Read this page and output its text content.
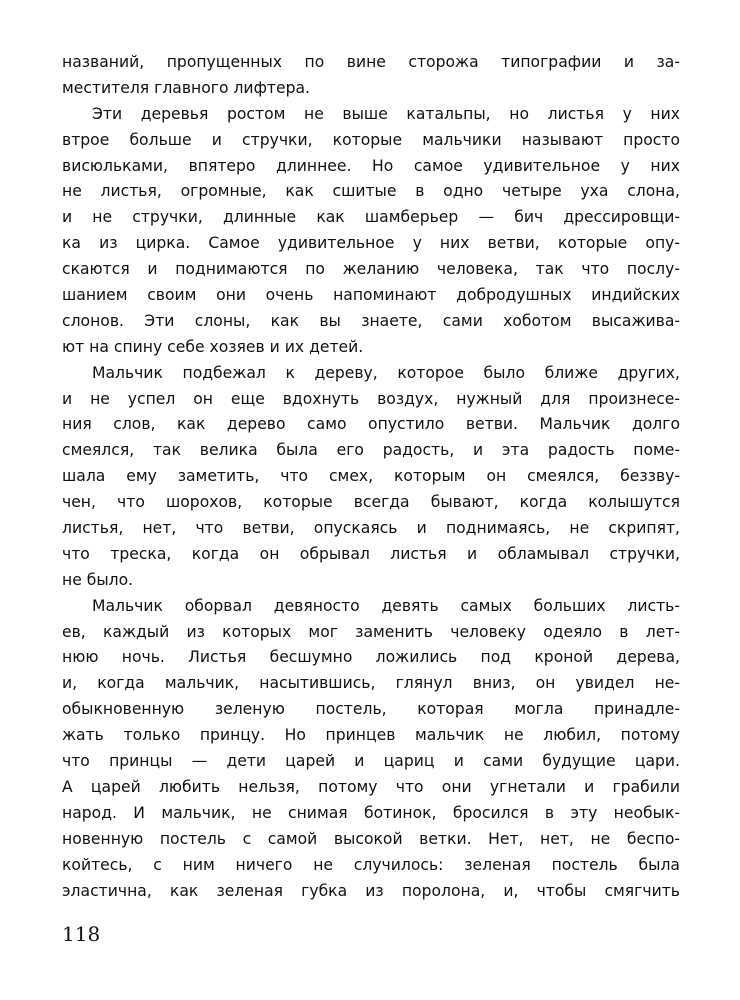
названий, пропущенных по вине сторожа типографии и за-
местителя главного лифтера.
Эти деревья ростом не выше катальпы, но листья у них
втрое больше и стручки, которые мальчики называют просто
висюльками, впятеро длиннее. Но самое удивительное у них
не листья, огромные, как сшитые в одно четыре уха слона,
и не стручки, длинные как шамберьер — бич дрессировщи-
ка из цирка. Самое удивительное у них ветви, которые опу-
скаются и поднимаются по желанию человека, так что послу-
шанием своим они очень напоминают добродушных индийских
слонов. Эти слоны, как вы знаете, сами хоботом высажива-
ют на спину себе хозяев и их детей.
Мальчик подбежал к дереву, которое было ближе других,
и не успел он еще вдохнуть воздух, нужный для произнесе-
ния слов, как дерево само опустило ветви. Мальчик долго
смеялся, так велика была его радость, и эта радость поме-
шала ему заметить, что смех, которым он смеялся, беззву-
чен, что шорохов, которые всегда бывают, когда колышутся
листья, нет, что ветви, опускаясь и поднимаясь, не скрипят,
что треска, когда он обрывал листья и обламывал стручки,
не было.
Мальчик оборвал девяносто девять самых больших листь-
ев, каждый из которых мог заменить человеку одеяло в лет-
нюю ночь. Листья бесшумно ложились под кроной дерева,
и, когда мальчик, насытившись, глянул вниз, он увидел не-
обыкновенную зеленую постель, которая могла принадле-
жать только принцу. Но принцев мальчик не любил, потому
что принцы — дети царей и цариц и сами будущие цари.
А царей любить нельзя, потому что они угнетали и грабили
народ. И мальчик, не снимая ботинок, бросился в эту необык-
новенную постель с самой высокой ветки. Нет, нет, не беспо-
койтесь, с ним ничего не случилось: зеленая постель была
эластична, как зеленая губка из поролона, и, чтобы смягчить
118
